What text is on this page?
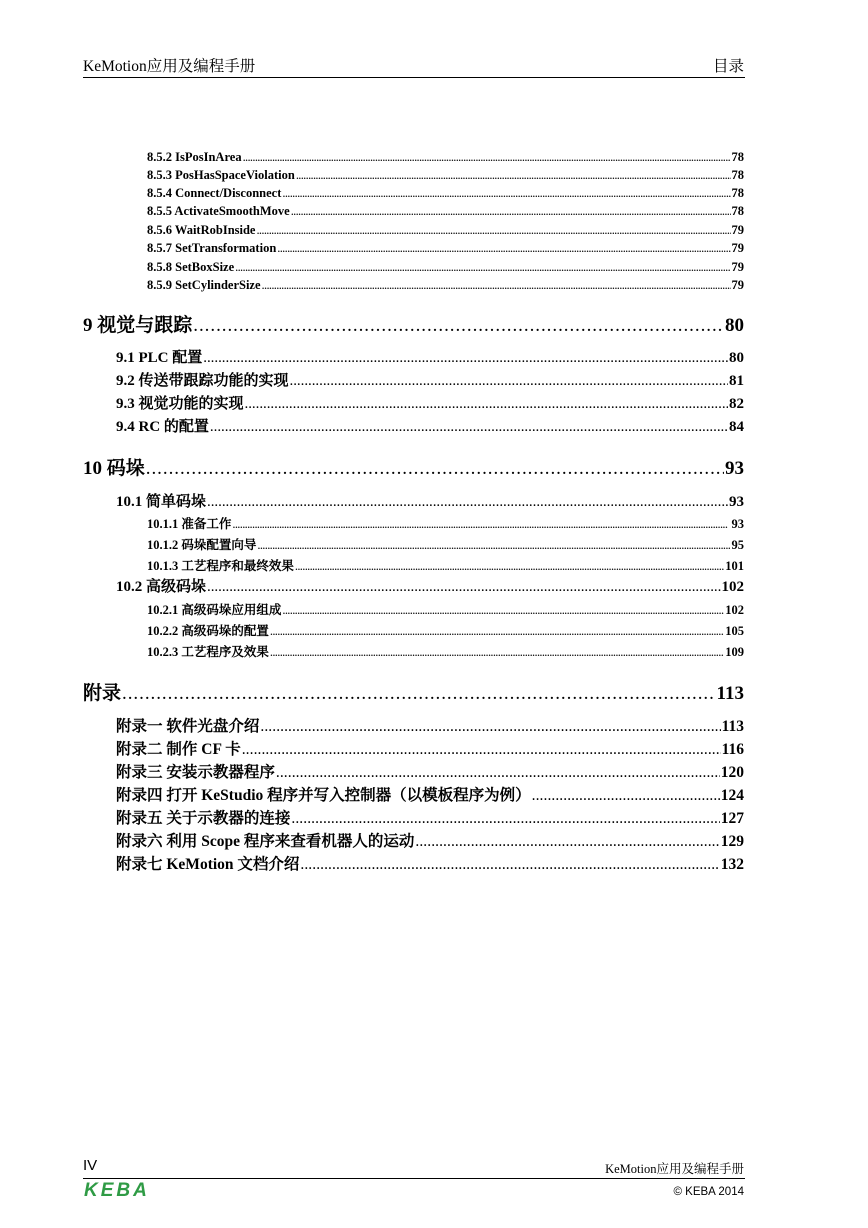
KeMotion应用及编程手册	目录
8.5.2 IsPosInArea . . .	78
8.5.3 PosHasSpaceViolation . . .	78
8.5.4 Connect/Disconnect . . .	78
8.5.5 ActivateSmoothMove . . .	78
8.5.6 WaitRobInside . . .	79
8.5.7 SetTransformation . . .	79
8.5.8 SetBoxSize . . .	79
8.5.9 SetCylinderSize . . .	79
9 视觉与跟踪 . . .	80
9.1 PLC 配置 . . .	80
9.2 传送带跟踪功能的实现 . . .	81
9.3 视觉功能的实现 . . .	82
9.4 RC 的配置 . . .	84
10 码垛 . . .	93
10.1 简单码垛 . . .	93
10.1.1 准备工作 . . .	93
10.1.2 码垛配置向导 . . .	95
10.1.3 工艺程序和最终效果 . . .	101
10.2 高级码垛 . . .	102
10.2.1 高级码垛应用组成 . . .	102
10.2.2 高级码垛的配置 . . .	105
10.2.3 工艺程序及效果 . . .	109
附录 . . .	113
附录一 软件光盘介绍 . . .	113
附录二 制作 CF 卡 . . .	116
附录三 安装示教器程序 . . .	120
附录四 打开 KeStudio 程序并写入控制器（以模板程序为例） . . .	124
附录五 关于示教器的连接 . . .	127
附录六 利用 Scope 程序来查看机器人的运动 . . .	129
附录七 KeMotion 文档介绍 . . .	132
IV	KeMotion应用及编程手册
KEBA	© KEBA 2014
